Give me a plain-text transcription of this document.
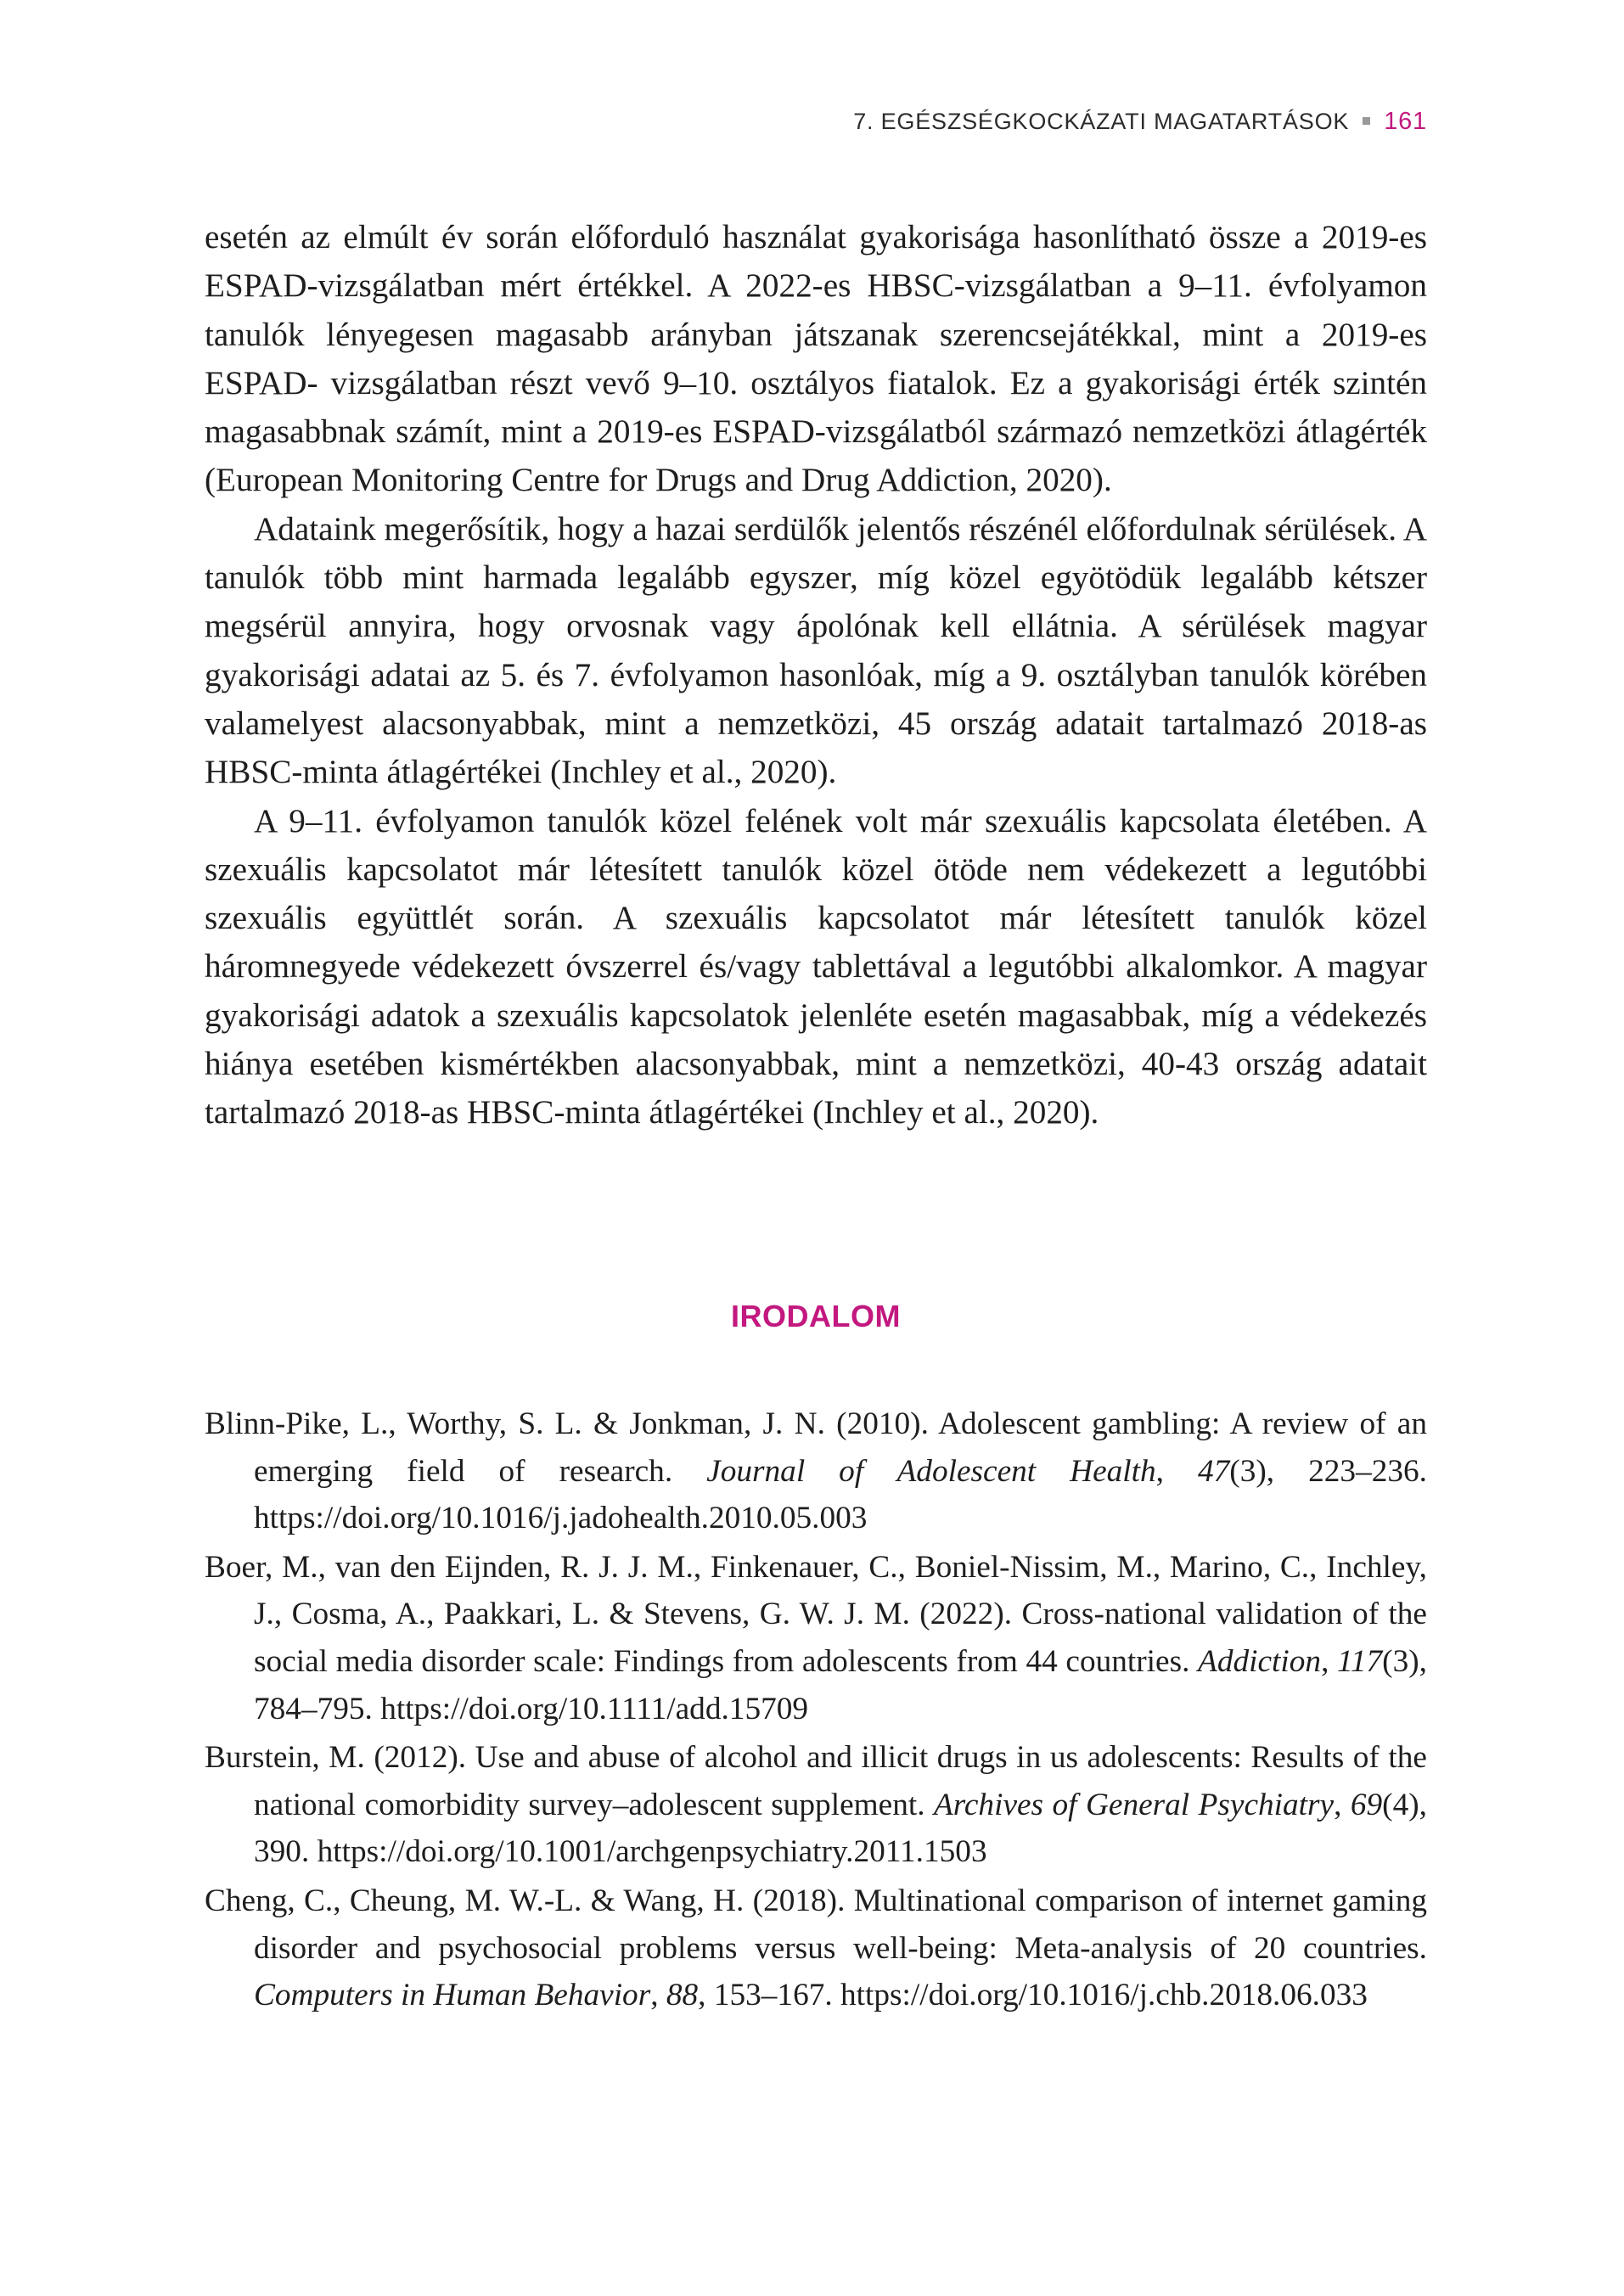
7. EGÉSZSÉGKOCKÁZATI MAGATARTÁSOK 161

esetén az elmúlt év során előforduló használat gyakorisága hasonlítható össze a 2019-es ESPAD-vizsgálatban mért értékkel. A 2022-es HBSC-vizsgálatban a 9–11. évfolyamon tanulók lényegesen magasabb arányban játszanak szerencsejátékkal, mint a 2019-es ESPAD- vizsgálatban részt vevő 9–10. osztályos fiatalok. Ez a gyakorisági érték szintén magasabbnak számít, mint a 2019-es ESPAD-vizsgálatból származó nemzetközi átlagérték (European Monitoring Centre for Drugs and Drug Addiction, 2020).

Adataink megerősítik, hogy a hazai serdülők jelentős részénél előfordulnak sérülések. A tanulók több mint harmada legalább egyszer, míg közel egyötödük legalább kétszer megsérül annyira, hogy orvosnak vagy ápolónak kell ellátnia. A sérülések magyar gyakorisági adatai az 5. és 7. évfolyamon hasonlóak, míg a 9. osztályban tanulók körében valamelyest alacsonyabbak, mint a nemzetközi, 45 ország adatait tartalmazó 2018-as HBSC-minta átlagértékei (Inchley et al., 2020).

A 9–11. évfolyamon tanulók közel felének volt már szexuális kapcsolata életében. A szexuális kapcsolatot már létesített tanulók közel ötöde nem védekezett a legutóbbi szexuális együttlét során. A szexuális kapcsolatot már létesített tanulók közel háromnegyede védekezett óvszerrel és/vagy tablettával a legutóbbi alkalomkor. A magyar gyakorisági adatok a szexuális kapcsolatok jelenléte esetén magasabbak, míg a védekezés hiánya esetében kismértékben alacsonyabbak, mint a nemzetközi, 40-43 ország adatait tartalmazó 2018-as HBSC-minta átlagértékei (Inchley et al., 2020).

IRODALOM

Blinn-Pike, L., Worthy, S. L. & Jonkman, J. N. (2010). Adolescent gambling: A review of an emerging field of research. Journal of Adolescent Health, 47(3), 223–236. https://doi.org/10.1016/j.jadohealth.2010.05.003

Boer, M., van den Eijnden, R. J. J. M., Finkenauer, C., Boniel-Nissim, M., Marino, C., Inchley, J., Cosma, A., Paakkari, L. & Stevens, G. W. J. M. (2022). Cross-national validation of the social media disorder scale: Findings from adolescents from 44 countries. Addiction, 117(3), 784–795. https://doi.org/10.1111/add.15709

Burstein, M. (2012). Use and abuse of alcohol and illicit drugs in us adolescents: Results of the national comorbidity survey–adolescent supplement. Archives of General Psychiatry, 69(4), 390. https://doi.org/10.1001/archgenpsychiatry.2011.1503

Cheng, C., Cheung, M. W.-L. & Wang, H. (2018). Multinational comparison of internet gaming disorder and psychosocial problems versus well-being: Meta-analysis of 20 countries. Computers in Human Behavior, 88, 153–167. https://doi.org/10.1016/j.chb.2018.06.033
